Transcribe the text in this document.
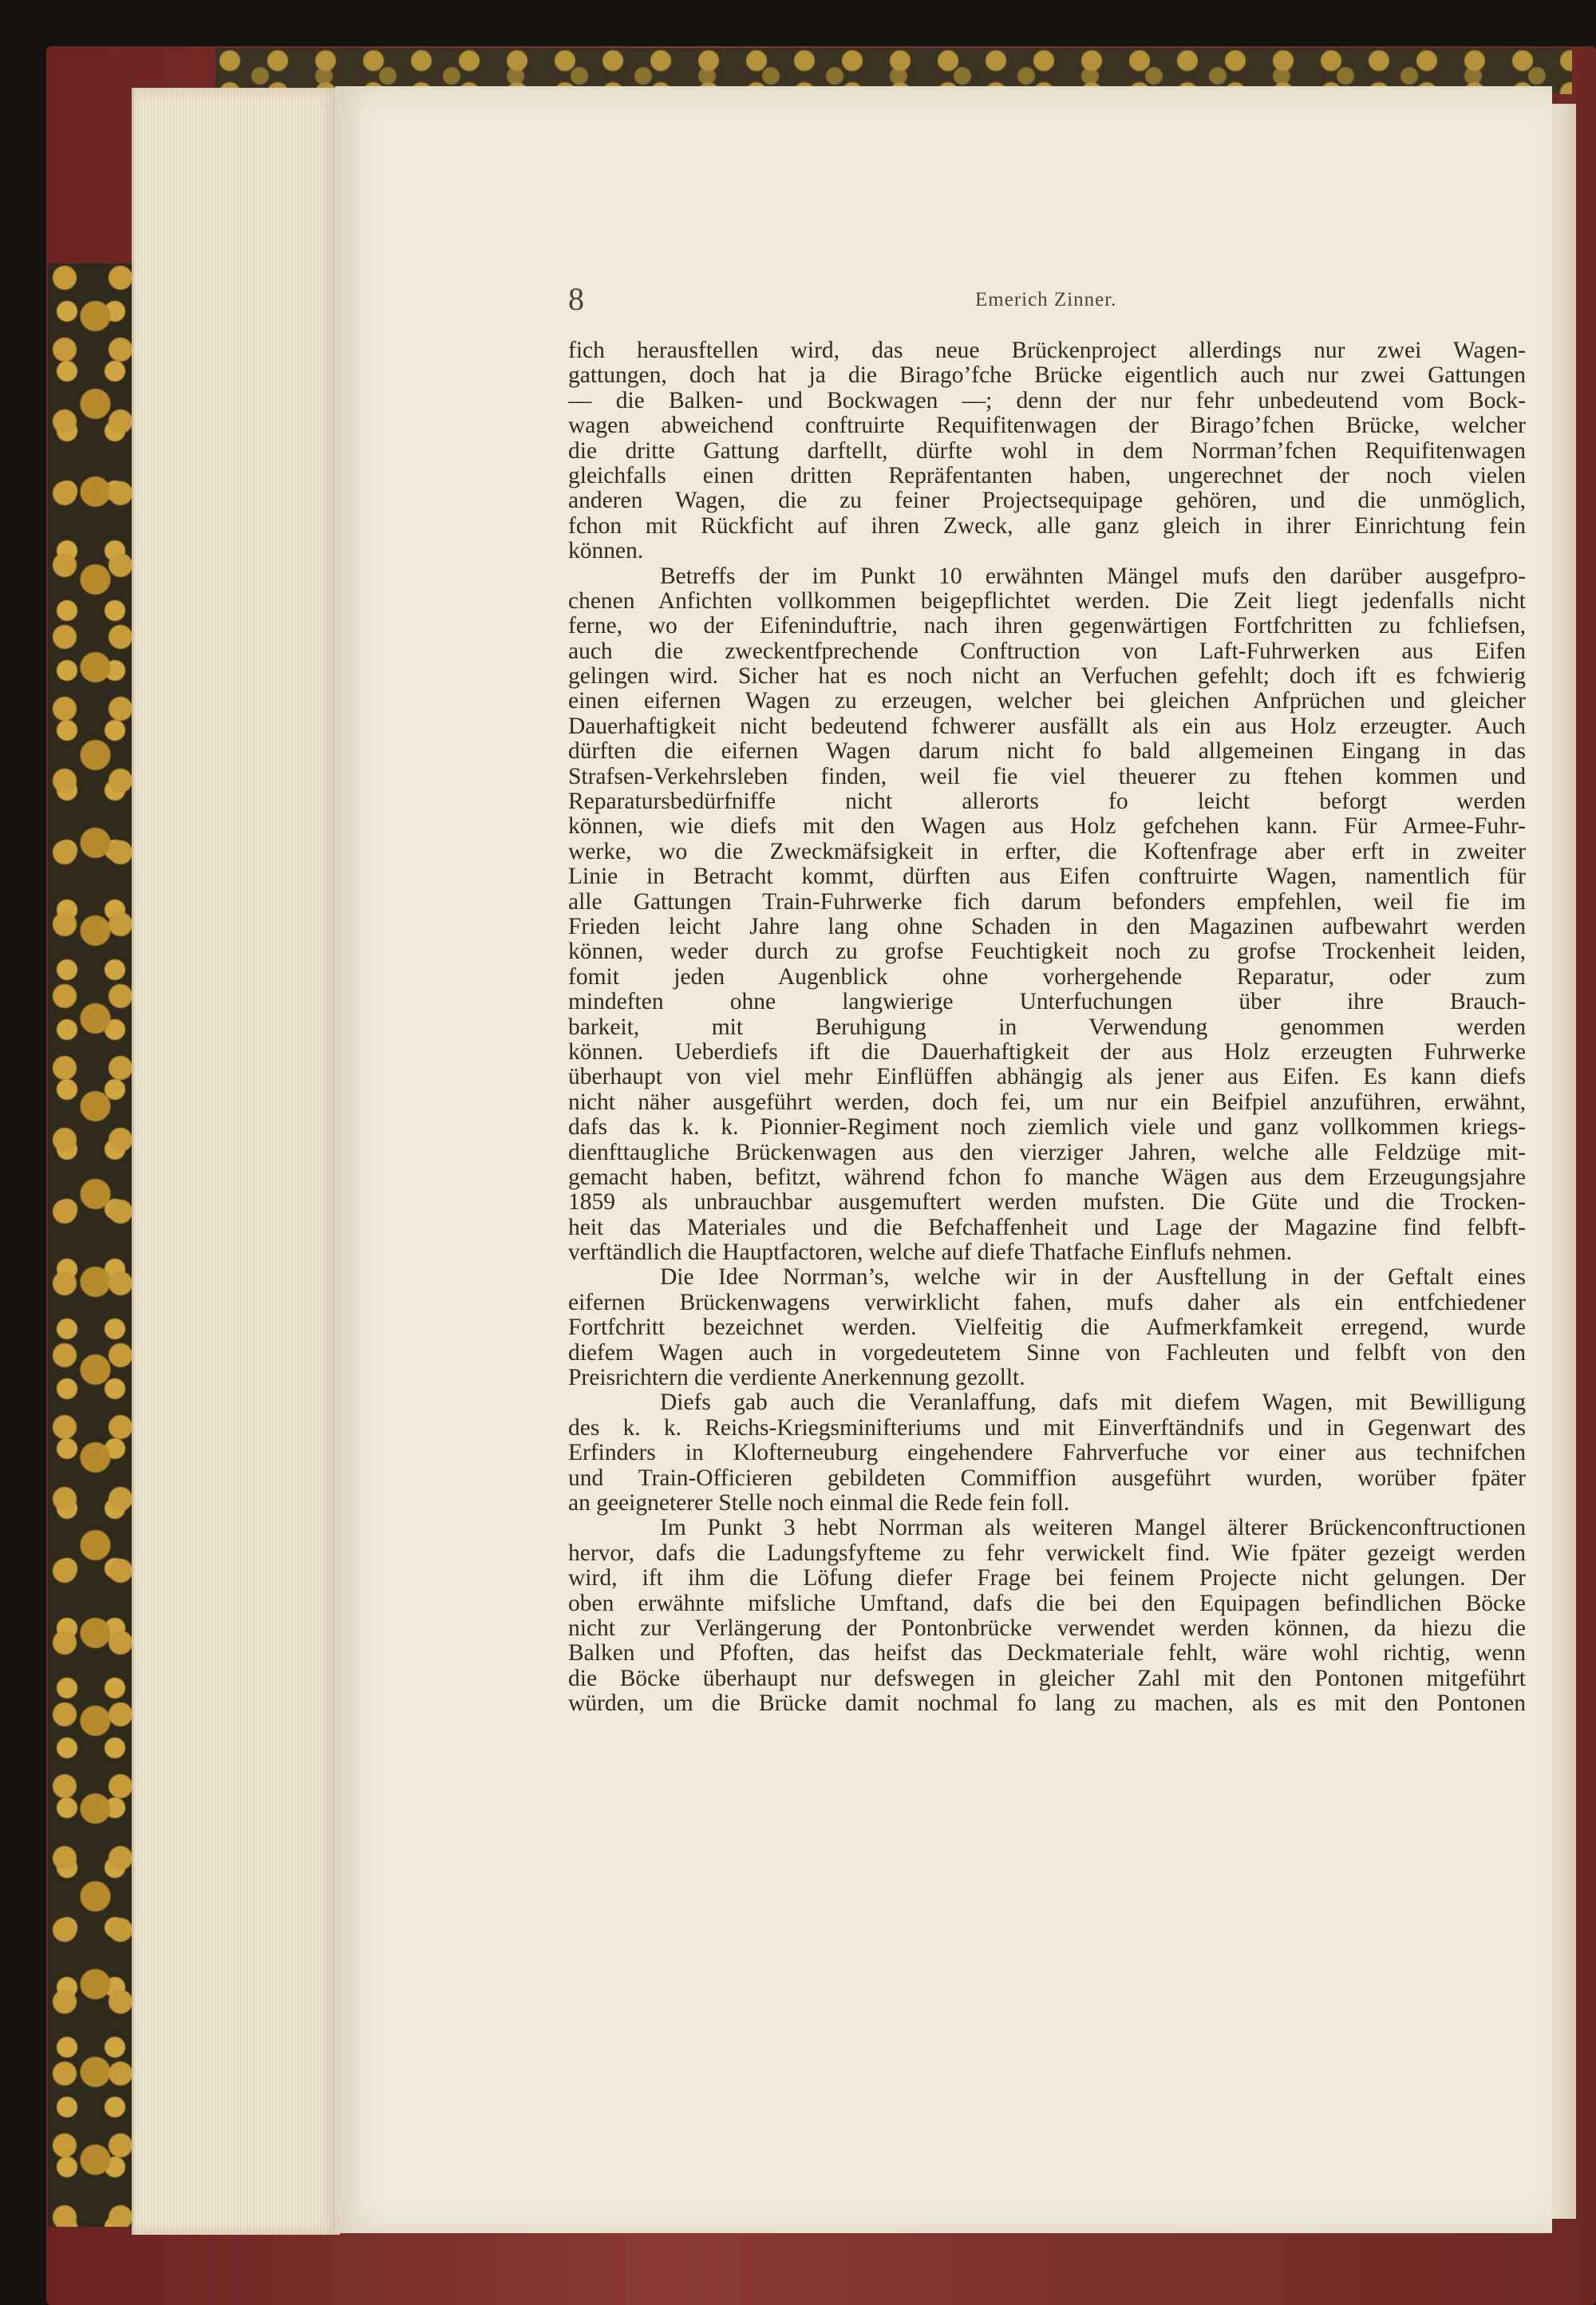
8	Emerich Zinner.
fich herausftellen wird, das neue Brückenproject allerdings nur zwei Wagen-
gattungen, doch hat ja die Birago’fche Brücke eigentlich auch nur zwei Gattungen
— die Balken- und Bockwagen —; denn der nur fehr unbedeutend vom Bock-
wagen abweichend conftruirte Requifitenwagen der Birago’fchen Brücke, welcher
die dritte Gattung darftellt, dürfte wohl in dem Norrman’fchen Requifitenwagen
gleichfalls einen dritten Repräfentanten haben, ungerechnet der noch vielen
anderen Wagen, die zu feiner Projectsequipage gehören, und die unmöglich,
fchon mit Rückficht auf ihren Zweck, alle ganz gleich in ihrer Einrichtung fein
können.
Betreffs der im Punkt 10 erwähnten Mängel mufs den darüber ausgefpro-
chenen Anfichten vollkommen beigepflichtet werden. Die Zeit liegt jedenfalls nicht
ferne, wo der Eifeninduftrie, nach ihren gegenwärtigen Fortfchritten zu fchliefsen,
auch die zweckentfprechende Conftruction von Laft-Fuhrwerken aus Eifen
gelingen wird. Sicher hat es noch nicht an Verfuchen gefehlt; doch ift es fchwierig
einen eifernen Wagen zu erzeugen, welcher bei gleichen Anfprüchen und gleicher
Dauerhaftigkeit nicht bedeutend fchwerer ausfällt als ein aus Holz erzeugter. Auch
dürften die eifernen Wagen darum nicht fo bald allgemeinen Eingang in das
Strafsen-Verkehrsleben finden, weil fie viel theuerer zu ftehen kommen und
Reparatursbedürfniffe nicht allerorts fo leicht beforgt werden
können, wie diefs mit den Wagen aus Holz gefchehen kann. Für Armee-Fuhr-
werke, wo die Zweckmäfsigkeit in erfter, die Koftenfrage aber erft in zweiter
Linie in Betracht kommt, dürften aus Eifen conftruirte Wagen, namentlich für
alle Gattungen Train-Fuhrwerke fich darum befonders empfehlen, weil fie im
Frieden leicht Jahre lang ohne Schaden in den Magazinen aufbewahrt werden
können, weder durch zu grofse Feuchtigkeit noch zu grofse Trockenheit leiden,
fomit jeden Augenblick ohne vorhergehende Reparatur, oder zum
mindeften ohne langwierige Unterfuchungen über ihre Brauch-
barkeit, mit Beruhigung in Verwendung genommen werden
können. Ueberdiefs ift die Dauerhaftigkeit der aus Holz erzeugten Fuhrwerke
überhaupt von viel mehr Einflüffen abhängig als jener aus Eifen. Es kann diefs
nicht näher ausgeführt werden, doch fei, um nur ein Beifpiel anzuführen, erwähnt,
dafs das k. k. Pionnier-Regiment noch ziemlich viele und ganz vollkommen kriegs-
dienfttaugliche Brückenwagen aus den vierziger Jahren, welche alle Feldzüge mit-
gemacht haben, befitzt, während fchon fo manche Wägen aus dem Erzeugungsjahre
1859 als unbrauchbar ausgemuftert werden mufsten. Die Güte und die Trocken-
heit das Materiales und die Befchaffenheit und Lage der Magazine find felbft-
verftändlich die Hauptfactoren, welche auf diefe Thatfache Einflufs nehmen.
Die Idee Norrman’s, welche wir in der Ausftellung in der Geftalt eines
eifernen Brückenwagens verwirklicht fahen, mufs daher als ein entfchiedener
Fortfchritt bezeichnet werden. Vielfeitig die Aufmerkfamkeit erregend, wurde
diefem Wagen auch in vorgedeutetem Sinne von Fachleuten und felbft von den
Preisrichtern die verdiente Anerkennung gezollt.
Diefs gab auch die Veranlaffung, dafs mit diefem Wagen, mit Bewilligung
des k. k. Reichs-Kriegsminifteriums und mit Einverftändnifs und in Gegenwart des
Erfinders in Klofterneuburg eingehendere Fahrverfuche vor einer aus technifchen
und Train-Officieren gebildeten Commiffion ausgeführt wurden, worüber fpäter
an geeigneterer Stelle noch einmal die Rede fein foll.
Im Punkt 3 hebt Norrman als weiteren Mangel älterer Brückenconftructionen
hervor, dafs die Ladungsfyfteme zu fehr verwickelt find. Wie fpäter gezeigt werden
wird, ift ihm die Löfung diefer Frage bei feinem Projecte nicht gelungen. Der
oben erwähnte mifsliche Umftand, dafs die bei den Equipagen befindlichen Böcke
nicht zur Verlängerung der Pontonbrücke verwendet werden können, da hiezu die
Balken und Pfoften, das heifst das Deckmateriale fehlt, wäre wohl richtig, wenn
die Böcke überhaupt nur defswegen in gleicher Zahl mit den Pontonen mitgeführt
würden, um die Brücke damit nochmal fo lang zu machen, als es mit den Pontonen
